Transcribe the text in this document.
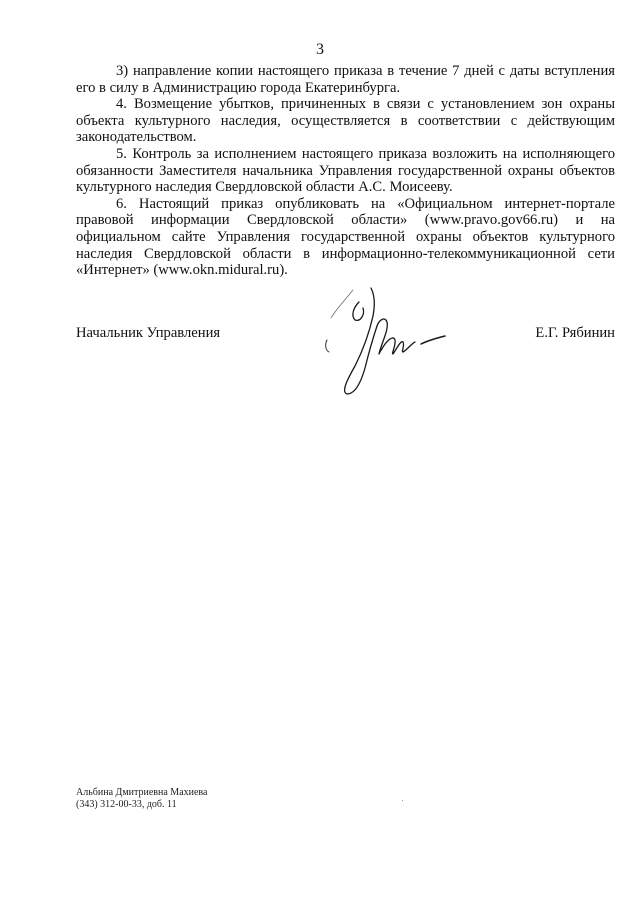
3

3) направление копии настоящего приказа в течение 7 дней с даты вступления его в силу в Администрацию города Екатеринбурга.

4. Возмещение убытков, причиненных в связи с установлением зон охраны объекта культурного наследия, осуществляется в соответствии с действующим законодательством.

5. Контроль за исполнением настоящего приказа возложить на исполняющего обязанности Заместителя начальника Управления государственной охраны объектов культурного наследия Свердловской области А.С. Моисееву.

6. Настоящий приказ опубликовать на «Официальном интернет-портале правовой информации Свердловской области» (www.pravo.gov66.ru) и на официальном сайте Управления государственной охраны объектов культурного наследия Свердловской области в информационно-телекоммуникационной сети «Интернет» (www.okn.midural.ru).

Начальник Управления	Е.Г. Рябинин
Альбина Дмитриевна Махиева
(343) 312-00-33, доб. 11
